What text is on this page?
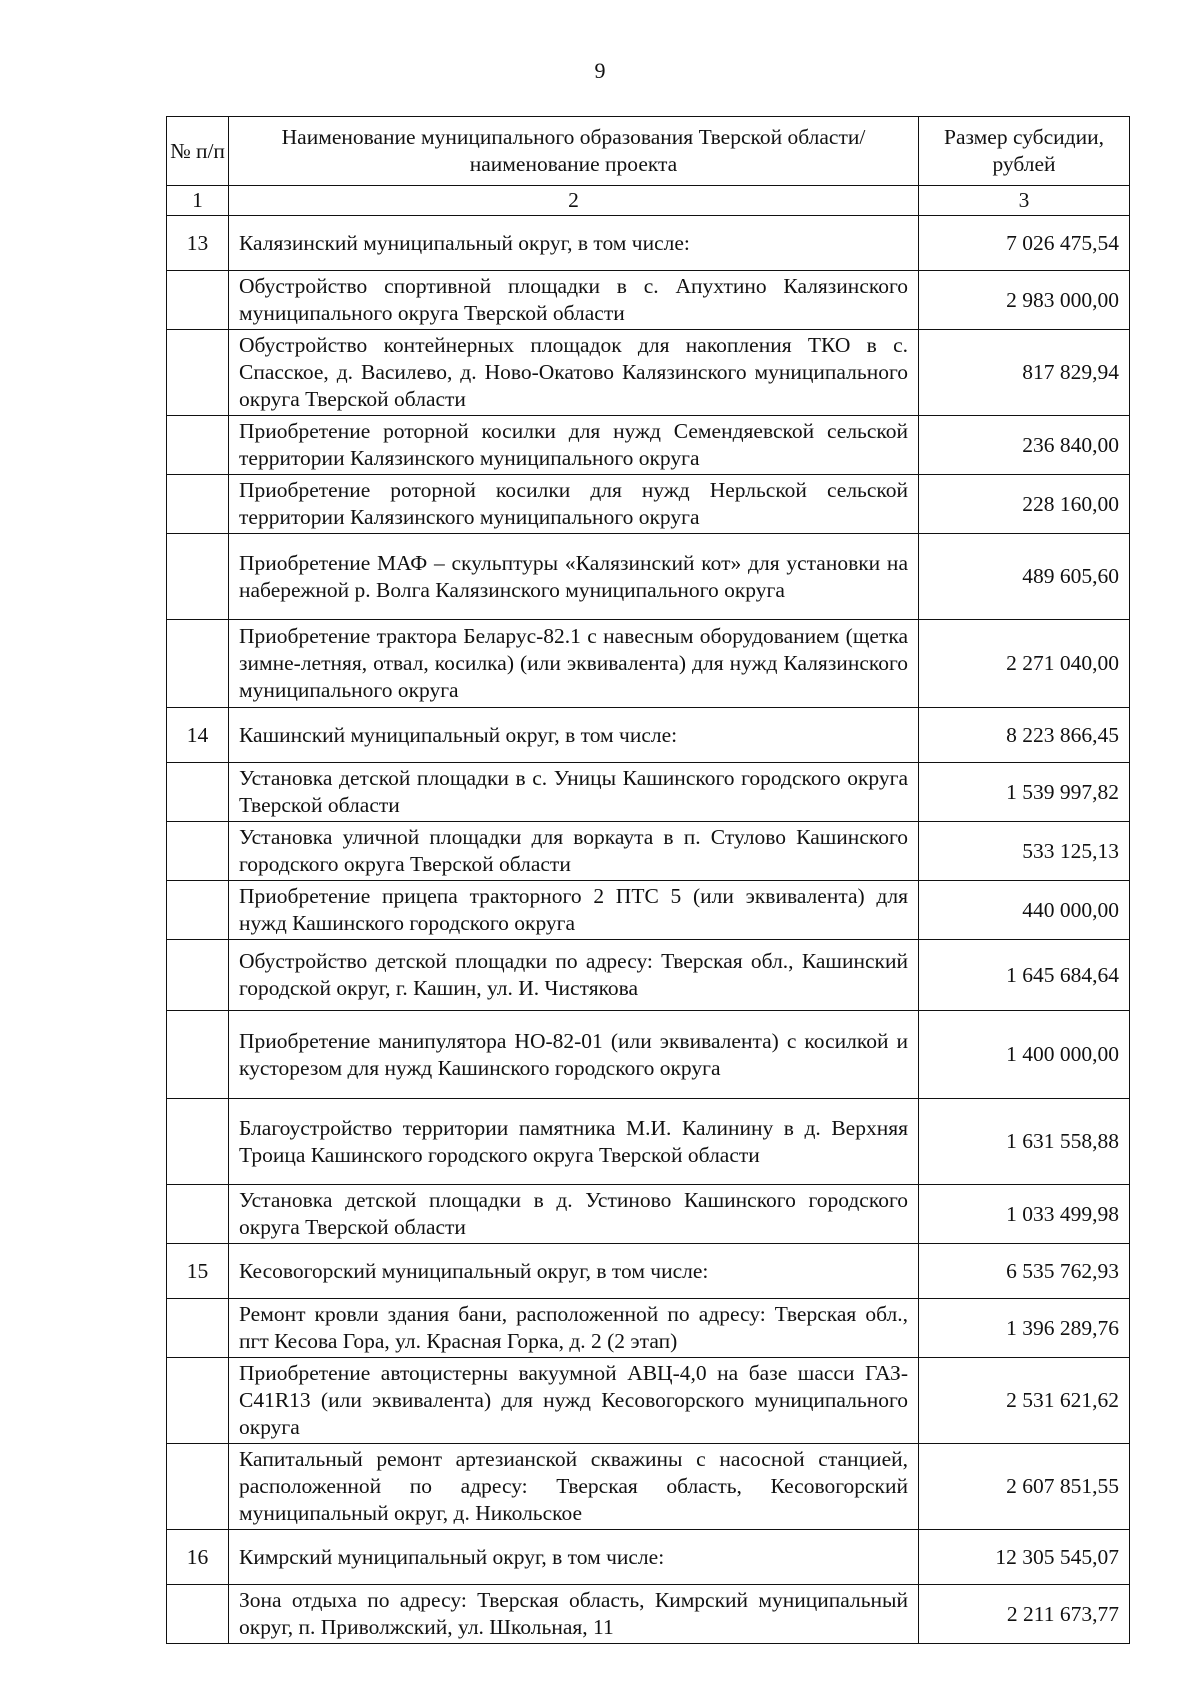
9
№ п/п	Наименование муниципального образования Тверской области/наименование проекта	Размер субсидии, рублей
1	2	3
13	Калязинский муниципальный округ, в том числе:	7 026 475,54
	Обустройство спортивной площадки в с. Апухтино Калязинского муниципального округа Тверской области	2 983 000,00
	Обустройство контейнерных площадок для накопления ТКО в с. Спасское, д. Василево, д. Ново-Окатово Калязинского муниципального округа Тверской области	817 829,94
	Приобретение роторной косилки для нужд Семендяевской сельской территории Калязинского муниципального округа	236 840,00
	Приобретение роторной косилки для нужд Нерльской сельской территории Калязинского муниципального округа	228 160,00
	Приобретение МАФ – скульптуры «Калязинский кот» для установки на набережной р. Волга Калязинского муниципального округа	489 605,60
	Приобретение трактора Беларус-82.1 с навесным оборудованием (щетка зимне-летняя, отвал, косилка) (или эквивалента) для нужд Калязинского муниципального округа	2 271 040,00
14	Кашинский муниципальный округ, в том числе:	8 223 866,45
	Установка детской площадки в с. Уницы Кашинского городского округа Тверской области	1 539 997,82
	Установка уличной площадки для воркаута в п. Стулово Кашинского городского округа Тверской области	533 125,13
	Приобретение прицепа тракторного 2 ПТС 5 (или эквивалента) для нужд Кашинского городского округа	440 000,00
	Обустройство детской площадки по адресу: Тверская обл., Кашинский городской округ, г. Кашин, ул. И. Чистякова	1 645 684,64
	Приобретение манипулятора НО-82-01 (или эквивалента) с косилкой и кусторезом для нужд Кашинского городского округа	1 400 000,00
	Благоустройство территории памятника М.И. Калинину в д. Верхняя Троица Кашинского городского округа Тверской области	1 631 558,88
	Установка детской площадки в д. Устиново Кашинского городского округа Тверской области	1 033 499,98
15	Кесовогорский муниципальный округ, в том числе:	6 535 762,93
	Ремонт кровли здания бани, расположенной по адресу: Тверская обл., пгт Кесова Гора, ул. Красная Горка, д. 2 (2 этап)	1 396 289,76
	Приобретение автоцистерны вакуумной АВЦ-4,0 на базе шасси ГАЗ-С41R13 (или эквивалента) для нужд Кесовогорского муниципального округа	2 531 621,62
	Капитальный ремонт артезианской скважины с насосной станцией, расположенной по адресу: Тверская область, Кесовогорский муниципальный округ, д. Никольское	2 607 851,55
16	Кимрский муниципальный округ, в том числе:	12 305 545,07
	Зона отдыха по адресу: Тверская область, Кимрский муниципальный округ, п. Приволжский, ул. Школьная, 11	2 211 673,77
